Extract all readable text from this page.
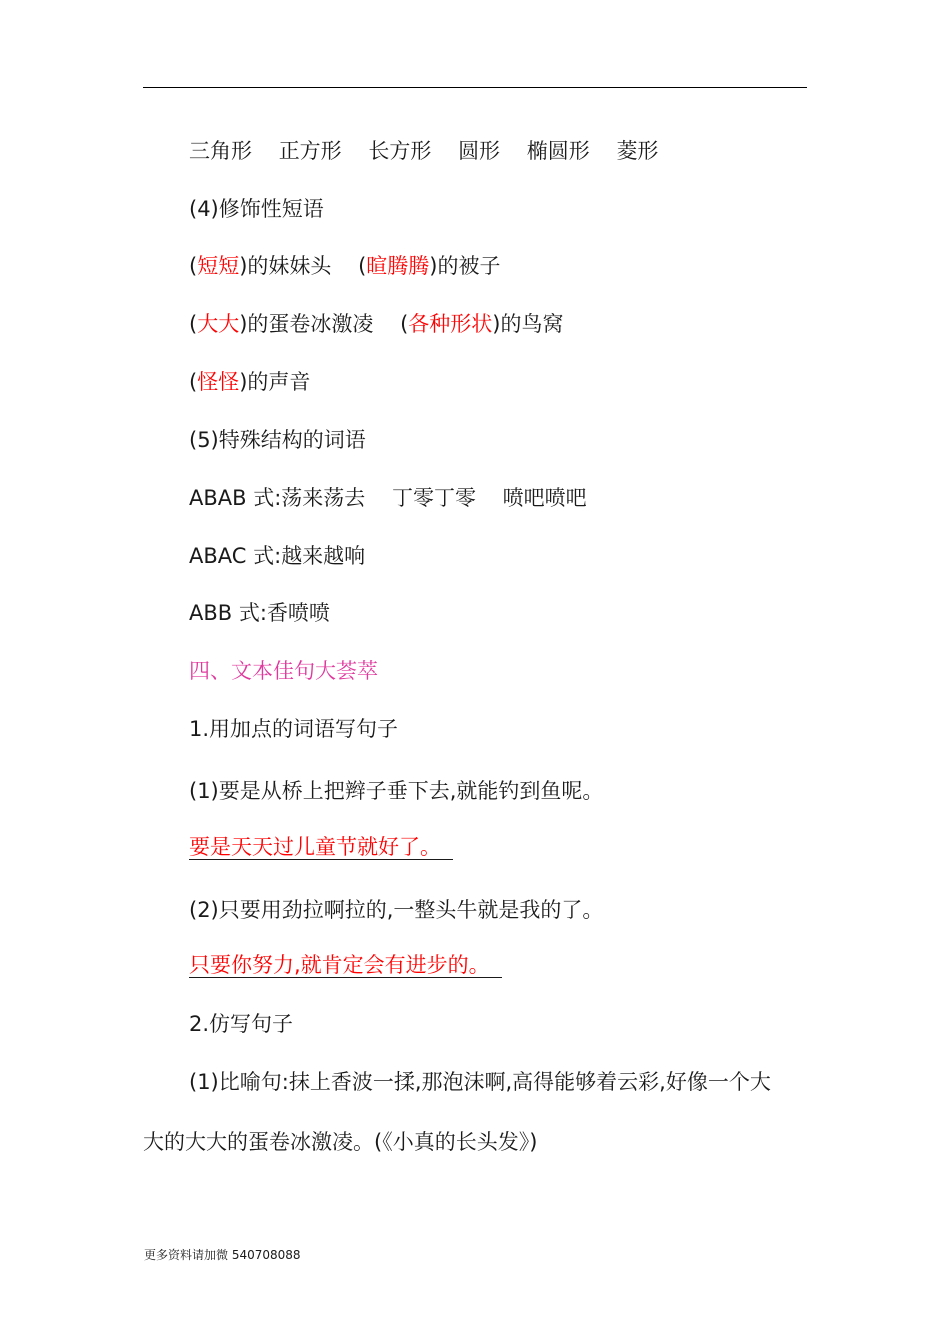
三角形 正方形 长方形 圆形 椭圆形 菱形
(4)修饰性短语
(短短)的妹妹头 (暄腾腾)的被子
(大大)的蛋卷冰激凌 (各种形状)的鸟窝
(怪怪)的声音
(5)特殊结构的词语
ABAB 式:荡来荡去 丁零丁零 喷吧喷吧
ABAC 式:越来越响
ABB 式:香喷喷
四、文本佳句大荟萃
1.用加点的词语写句子
(1)要是从桥上把辫子垂下去,就能钓到鱼呢。
要是天天过儿童节就好了。
(2)只要用劲拉啊拉的,一整头牛就是我的了。
只要你努力,就肯定会有进步的。
2.仿写句子
(1)比喻句:抹上香波一揉,那泡沫啊,高得能够着云彩,好像一个大
大的大大的蛋卷冰激凌。(《小真的长头发》)
更多资料请加微 540708088
